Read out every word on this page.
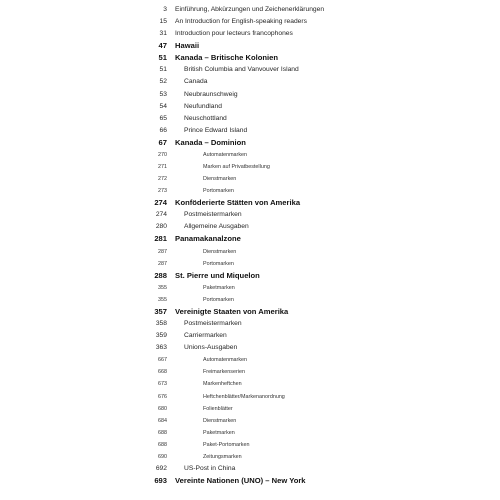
3 Einführung, Abkürzungen und Zeichenerklärungen
15 An Introduction for English-speaking readers
31 Introduction pour lecteurs francophones
47 Hawaii
51 Kanada – Britische Kolonien
51	British Columbia and Vanvouver Island
52	Canada
53	Neubraunschweig
54	Neufundland
65	Neuschottland
66	Prince Edward Island
67 Kanada – Dominion
270	Automatenmarken
271	Marken auf Privatbestellung
272	Dienstmarken
273	Portomarken
274 Konföderierte Stätten von Amerika
274	Postmeistermarken
280	Allgemeine Ausgaben
281 Panamakanalzone
287	Dienstmarken
287	Portomarken
288 St. Pierre und Miquelon
355	Paketmarken
355	Portomarken
357 Vereinigte Staaten von Amerika
358	Postmeistermarken
359	Carriermarken
363	Unions-Ausgaben
667	Automatenmarken
668	Freimarkenserien
673	Markenheftchen
676	Heftchenblätter/Markenanordnung
680	Folienblätter
684	Dienstmarken
688	Paketmarken
688	Paket-Portomarken
690	Zeitungsmarken
692	US-Post in China
693 Vereinte Nationen (UNO) – New York
